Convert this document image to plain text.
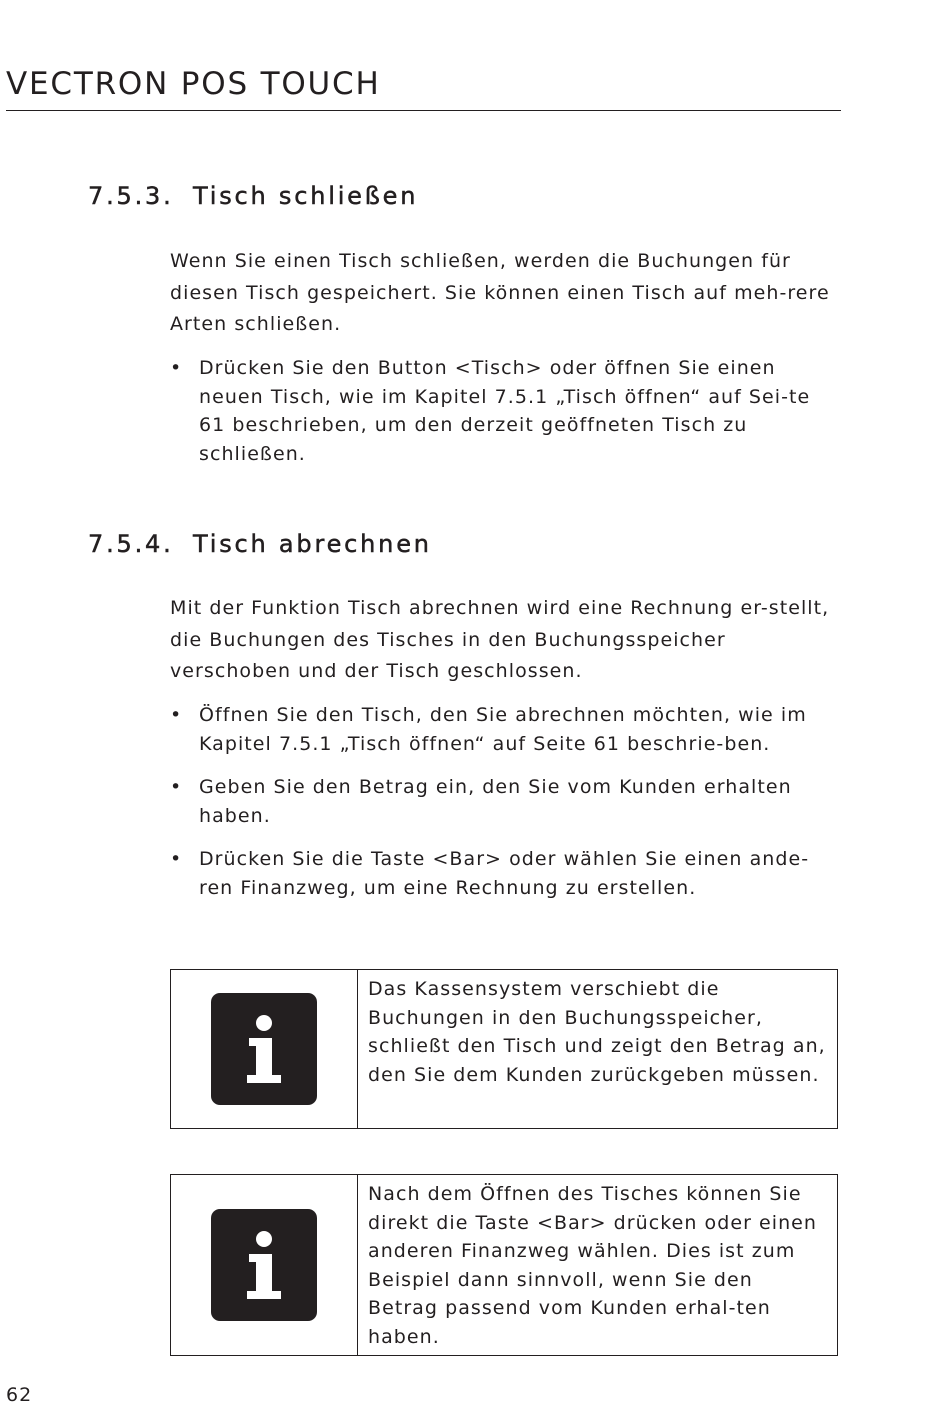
VECTRON POS TOUCH
7.5.3. Tisch schließen

Wenn Sie einen Tisch schließen, werden die Buchungen für diesen Tisch gespeichert. Sie können einen Tisch auf meh-rere Arten schließen.

• Drücken Sie den Button <Tisch> oder öffnen Sie einen neuen Tisch, wie im Kapitel 7.5.1 „Tisch öffnen“ auf Sei-te 61 beschrieben, um den derzeit geöffneten Tisch zu schließen.
7.5.4. Tisch abrechnen

Mit der Funktion Tisch abrechnen wird eine Rechnung er-stellt, die Buchungen des Tisches in den Buchungsspeicher verschoben und der Tisch geschlossen.

• Öffnen Sie den Tisch, den Sie abrechnen möchten, wie im Kapitel 7.5.1 „Tisch öffnen“ auf Seite 61 beschrie-ben.
• Geben Sie den Betrag ein, den Sie vom Kunden erhalten haben.
• Drücken Sie die Taste <Bar> oder wählen Sie einen ande-ren Finanzweg, um eine Rechnung zu erstellen.
Das Kassensystem verschiebt die Buchungen in den Buchungsspeicher, schließt den Tisch und zeigt den Betrag an, den Sie dem Kunden zurückgeben müssen.
Nach dem Öffnen des Tisches können Sie direkt die Taste <Bar> drücken oder einen anderen Finanzweg wählen. Dies ist zum Beispiel dann sinnvoll, wenn Sie den Betrag passend vom Kunden erhal-ten haben.
62
